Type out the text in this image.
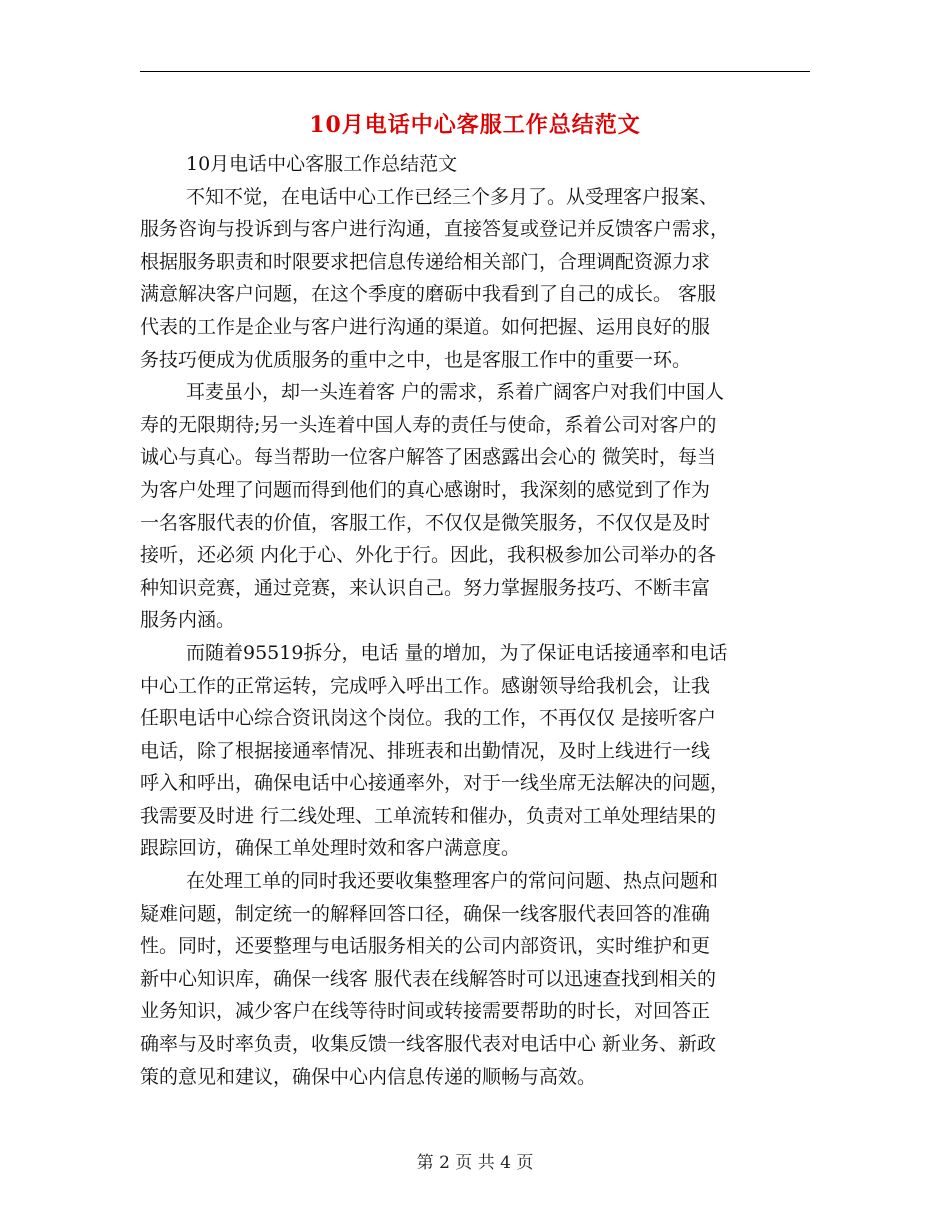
10月电话中心客服工作总结范文
10月电话中心客服工作总结范文
不知不觉，在电话中心工作已经三个多月了。从受理客户报案、
服务咨询与投诉到与客户进行沟通，直接答复或登记并反馈客户需求，
根据服务职责和时限要求把信息传递给相关部门，合理调配资源力求
满意解决客户问题，在这个季度的磨砺中我看到了自己的成长。 客服
代表的工作是企业与客户进行沟通的渠道。如何把握、运用良好的服
务技巧便成为优质服务的重中之中，也是客服工作中的重要一环。
耳麦虽小，却一头连着客 户的需求，系着广阔客户对我们中国人
寿的无限期待;另一头连着中国人寿的责任与使命，系着公司对客户的
诚心与真心。每当帮助一位客户解答了困惑露出会心的 微笑时，每当
为客户处理了问题而得到他们的真心感谢时，我深刻的感觉到了作为
一名客服代表的价值，客服工作，不仅仅是微笑服务，不仅仅是及时
接听，还必须 内化于心、外化于行。因此，我积极参加公司举办的各
种知识竞赛，通过竞赛，来认识自己。努力掌握服务技巧、不断丰富
服务内涵。
而随着95519拆分，电话 量的增加，为了保证电话接通率和电话
中心工作的正常运转，完成呼入呼出工作。感谢领导给我机会，让我
任职电话中心综合资讯岗这个岗位。我的工作，不再仅仅 是接听客户
电话，除了根据接通率情况、排班表和出勤情况，及时上线进行一线
呼入和呼出，确保电话中心接通率外，对于一线坐席无法解决的问题，
我需要及时进 行二线处理、工单流转和催办，负责对工单处理结果的
跟踪回访，确保工单处理时效和客户满意度。
在处理工单的同时我还要收集整理客户的常问问题、热点问题和
疑难问题，制定统一的解释回答口径，确保一线客服代表回答的准确
性。同时，还要整理与电话服务相关的公司内部资讯，实时维护和更
新中心知识库，确保一线客 服代表在线解答时可以迅速查找到相关的
业务知识，减少客户在线等待时间或转接需要帮助的时长，对回答正
确率与及时率负责，收集反馈一线客服代表对电话中心 新业务、新政
策的意见和建议，确保中心内信息传递的顺畅与高效。
第 2 页 共 4 页
